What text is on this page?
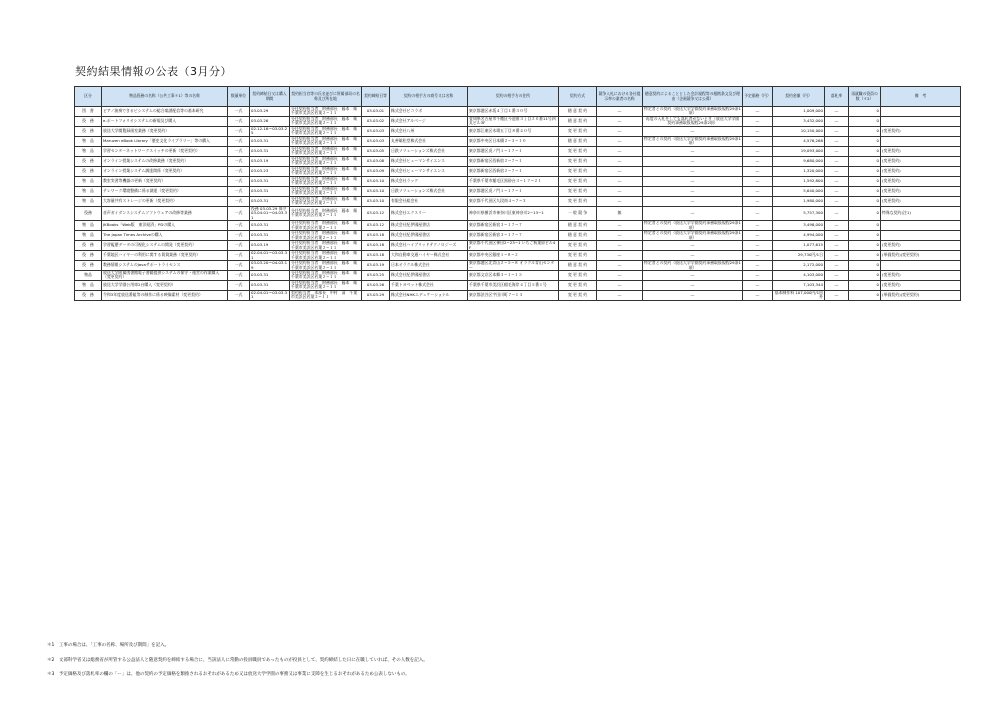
契約結果情報の公表（3月分）
区分	物品役務の名称（公共工事＊1）等の名称	数量単位	契約締結日又は購入期間	契約担当官等の氏名並びに所属部局の名称及び所在地	契約締結日等	契約の相手方の商号又は名称	契約の相手方の住所	契約方式	競争入札における各社提示率の業者の名称	随意契約によることとした会計規程等の根拠条文及び理由（企画競争又は公募）	予定価格（円）	契約金額（円）	落札率	再就職の役員の数（＊2）	備　考
図　書	ピアノ演奏できるピシステムの総合楽譜配信等の基本研究	一式	03.03.29	分任契約担当者　財務部長　藤本　衛　千葉市美浜区若葉２−１１	03.03.01	株式会社ビコラボ	東京都港区赤坂４丁目１番３０号	随 意 契 約	—	特定者との契約（放送大学学園契約事務取扱規程29条1項）	—	1,009,000	—	0	
役　務	e-ポートフォリオシステムの新規及び購入	一式	03.03.26	分任契約担当者　財務部長　藤本　衛　千葉市美浜区若葉２−１１	03.03.02	株式会社アルベージ	愛知県名古屋市千種区今池南３丁目２０番11号四丸ビル3F	随 意 契 約	—	再度の入札をしても落札者がないとき（放送大学学園契約事務取扱規程29条2項）	—	3,432,000	—	0	
役　務	放送大学閲覧録画室業務（変更契約）	一式	02.12.16〜03.03.25	分任契約担当者　財務部長　藤本　衛　千葉市美浜区若葉２−１１	03.03.03	株式会社八州	東京都江東区木場五丁目８番４０号	変 更 契 約	—	—	—	10,150,000	—	0	(変更契約)
物　品	Maruzen eBook Library「歴史文化ライブラリー」等の購入	一式	03.03.31	分任契約担当者　財務部長　藤本　衛　千葉市美浜区若葉２−１１	03.03.03	丸善雄松堂株式会社	東京都中央区日本橋２−３−１０	随 意 契 約	—	特定者との契約（放送大学学園契約事務取扱規程29条1項）	—	4,576,268	—	0	
物　品	学習センターネットワークスイッチの更新（変更契約）	一式	03.03.31	分任契約担当者　財務部長　藤本　衛　千葉市美浜区若葉２−１１	03.03.05	日鉄ソリューションズ株式会社	東京都港区虎ノ門１−１７−１	変 更 契 約	—	—	—	19,093,000	—	0	(変更契約)
役　務	オンライン授業システムの改修業務（変更契約）	一式	03.03.19	分任契約担当者　財務部長　藤本　衛　千葉市美浜区若葉２−１１	03.03.08	株式会社ヒューマンサイエンス	東京都新宿区西新宿２−７−１	変 更 契 約	—	—	—	9,680,000	—	0	(変更契約)
役　務	オンライン授業システム調達関係（変更契約）	一式	03.03.23	分任契約担当者　財務部長　藤本　衛　千葉市美浜区若葉２−１１	03.03.09	株式会社ヒューマンサイエンス	東京都新宿区西新宿２−７−１	変 更 契 約	—	—	—	1,320,000	—	0	(変更契約)
物　品	教室実習等機器の更新（変更契約）	一式	03.03.31	分任契約担当者　財務部長　藤本　衛　千葉市美浜区若葉２−１１	03.03.10	株式会社ラック	千葉県千葉市稲毛区黒砂台３−１７−２１	変 更 契 約	—	—	—	1,592,800	—	0	(変更契約)
物　品	テレワーク環境整備に係る調達（変更契約）	一式	03.03.31	分任契約担当者　財務部長　藤本　衛　千葉市美浜区若葉２−１１	03.03.10	日鉄ソリューションズ株式会社	東京都港区虎ノ門１−１７−１	変 更 契 約	—	—	—	5,640,000	—	0	(変更契約)
物　品	大容量共有ストレージの更新（変更契約）	一式	03.03.31	分任契約担当者　財務部長　藤本　衛　千葉市美浜区若葉２−１１	03.03.10	有限会社総会社	東京都千代田区九段南４−７−３	変 更 契 約	—	—	—	1,980,000	—	0	(変更契約)
役務	音声ガイダンスシステムソフトウェアの改修等業務	一式	役務 03.03.29 保守 03.04.01〜04.03.31	分任契約担当者　財務部長　藤本　衛　千葉市美浜区若葉２−１１	03.03.12	株式会社エクスリー	神奈川県横浜市神奈川区東神奈川2−13−1	一 般 競 争	無	—	—	5,757,300	—	0	特殊な契約(注1)
物　品	JKBooks「Web版　東洋経済」PDの購入	一式	03.03.31	分任契約担当者　財務部長　藤本　衛　千葉市美浜区若葉２−１１	03.03.12	株式会社紀伊國屋書店	東京都新宿区新宿３−１７−７	随 意 契 約	—	特定者との契約（放送大学学園契約事務取扱規程29条1項）	—	3,498,000	—	0	
物　品	The Japan Times Archiveの購入	一式	03.03.31	分任契約担当者　財務部長　藤本　衛　千葉市美浜区若葉２−１１	03.03.18	株式会社紀伊國屋書店	東京都新宿区新宿３−１７−７	随 意 契 約	—	特定者との契約（放送大学学園契約事務取扱規程29条1項）	—	4,994,000	—	0	
役　務	学習履歴データの可視化システムの開発（変更契約）	一式	03.03.19	分任契約担当者　財務部長　藤本　衛　千葉市美浜区若葉２−１１	03.03.18	株式会社ハイブリッドテクノロジーズ	東京都千代田区神田2−23−1 いちご秋葉原ビル4F	変 更 契 約	—	—	—	1,077,615	—	0	(変更契約)
役　務	千葉地区ハイヤーの利用に関する賃貸業務（変更契約）	一式	02.04.01〜03.03.31	分任契約担当者　財務部長　藤本　衛　千葉市美浜区若葉２−１１	03.03.18	大和自動車交通ハイヤー株式会社	東京都中央区銀座１−８−２	変 更 契 約	—	—	—	29,730円/1日	—	0	(単価契約)(変更契約)
役　務	教務情報システムのJavaサポートライセンス	一式	03.03.20〜04.03.19	分任契約担当者　財務部長　藤本　衛　千葉市美浜区若葉２−１１	03.03.19	日本オラクル株式会社	東京都港区北青山２−５−８ オラクル青山センター	随 意 契 約	—	特定者との契約（放送大学学園契約事務取扱規程29条1項）	—	2,172,000	—	0	
物品	放送大学附属図書館電子書籍提供システムの保守・運営の作業購入（変更契約）	一式	03.03.31	分任契約担当者　財務部長　藤本　衛　千葉市美浜区若葉２−１１	03.03.25	株式会社紀伊國屋書店	東京都文京区本郷３−１−１５	変 更 契 約	—	—	—	4,103,000	—	0	(変更契約)
物　品	放送大学学園公用車2台購入（変更契約）	一式	03.03.31	分任契約担当者　財務部長　藤本　衛　千葉市美浜区若葉２−１１	03.03.26	千葉トヨペット株式会社	千葉県千葉市美浜区稲毛海岸４丁目５番１号	変 更 契 約	—	—	—	7,103,344	—	0	(変更契約)
役　務	令和3年度放送番組等の制作に係る映像素材（変更契約）	一式	02.04.01〜03.03.31	契約担当者　本部長　中村　清　千葉市美浜区若葉２−１１	03.03.29	株式会社NHKエデュケーショナル	東京都渋谷区宇田川町７−１３	変 更 契 約	—	—	—	基本制作料 107,000円/1回　外	—	0	(単価契約)(変更契約)
＊1　工事の場合は、「工事の名称、場所及び期間」を記入。
＊2　文部科学省又は総務省が所管する公益法人と随意契約を締結する場合に、当該法人に常勤の役員職員であったものが役員として、契約締結した日に在職していれば、その人数を記入。
＊3　予定価格及び落札率の欄の「ー」は、他の契約の予定価格を類推されるおそれがあるため又は放送大学学園の事務又は事業に支障を生じるおそれがあるため公表しないもの。
